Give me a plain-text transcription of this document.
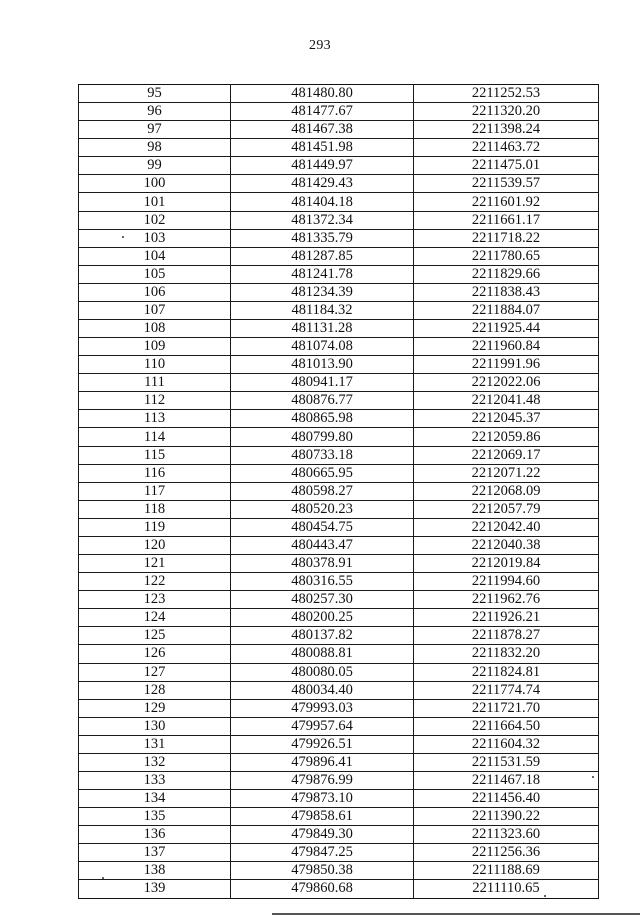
293
95	481480.80	2211252.53
96	481477.67	2211320.20
97	481467.38	2211398.24
98	481451.98	2211463.72
99	481449.97	2211475.01
100	481429.43	2211539.57
101	481404.18	2211601.92
102	481372.34	2211661.17
103	481335.79	2211718.22
104	481287.85	2211780.65
105	481241.78	2211829.66
106	481234.39	2211838.43
107	481184.32	2211884.07
108	481131.28	2211925.44
109	481074.08	2211960.84
110	481013.90	2211991.96
111	480941.17	2212022.06
112	480876.77	2212041.48
113	480865.98	2212045.37
114	480799.80	2212059.86
115	480733.18	2212069.17
116	480665.95	2212071.22
117	480598.27	2212068.09
118	480520.23	2212057.79
119	480454.75	2212042.40
120	480443.47	2212040.38
121	480378.91	2212019.84
122	480316.55	2211994.60
123	480257.30	2211962.76
124	480200.25	2211926.21
125	480137.82	2211878.27
126	480088.81	2211832.20
127	480080.05	2211824.81
128	480034.40	2211774.74
129	479993.03	2211721.70
130	479957.64	2211664.50
131	479926.51	2211604.32
132	479896.41	2211531.59
133	479876.99	2211467.18
134	479873.10	2211456.40
135	479858.61	2211390.22
136	479849.30	2211323.60
137	479847.25	2211256.36
138	479850.38	2211188.69
139	479860.68	2211110.65
